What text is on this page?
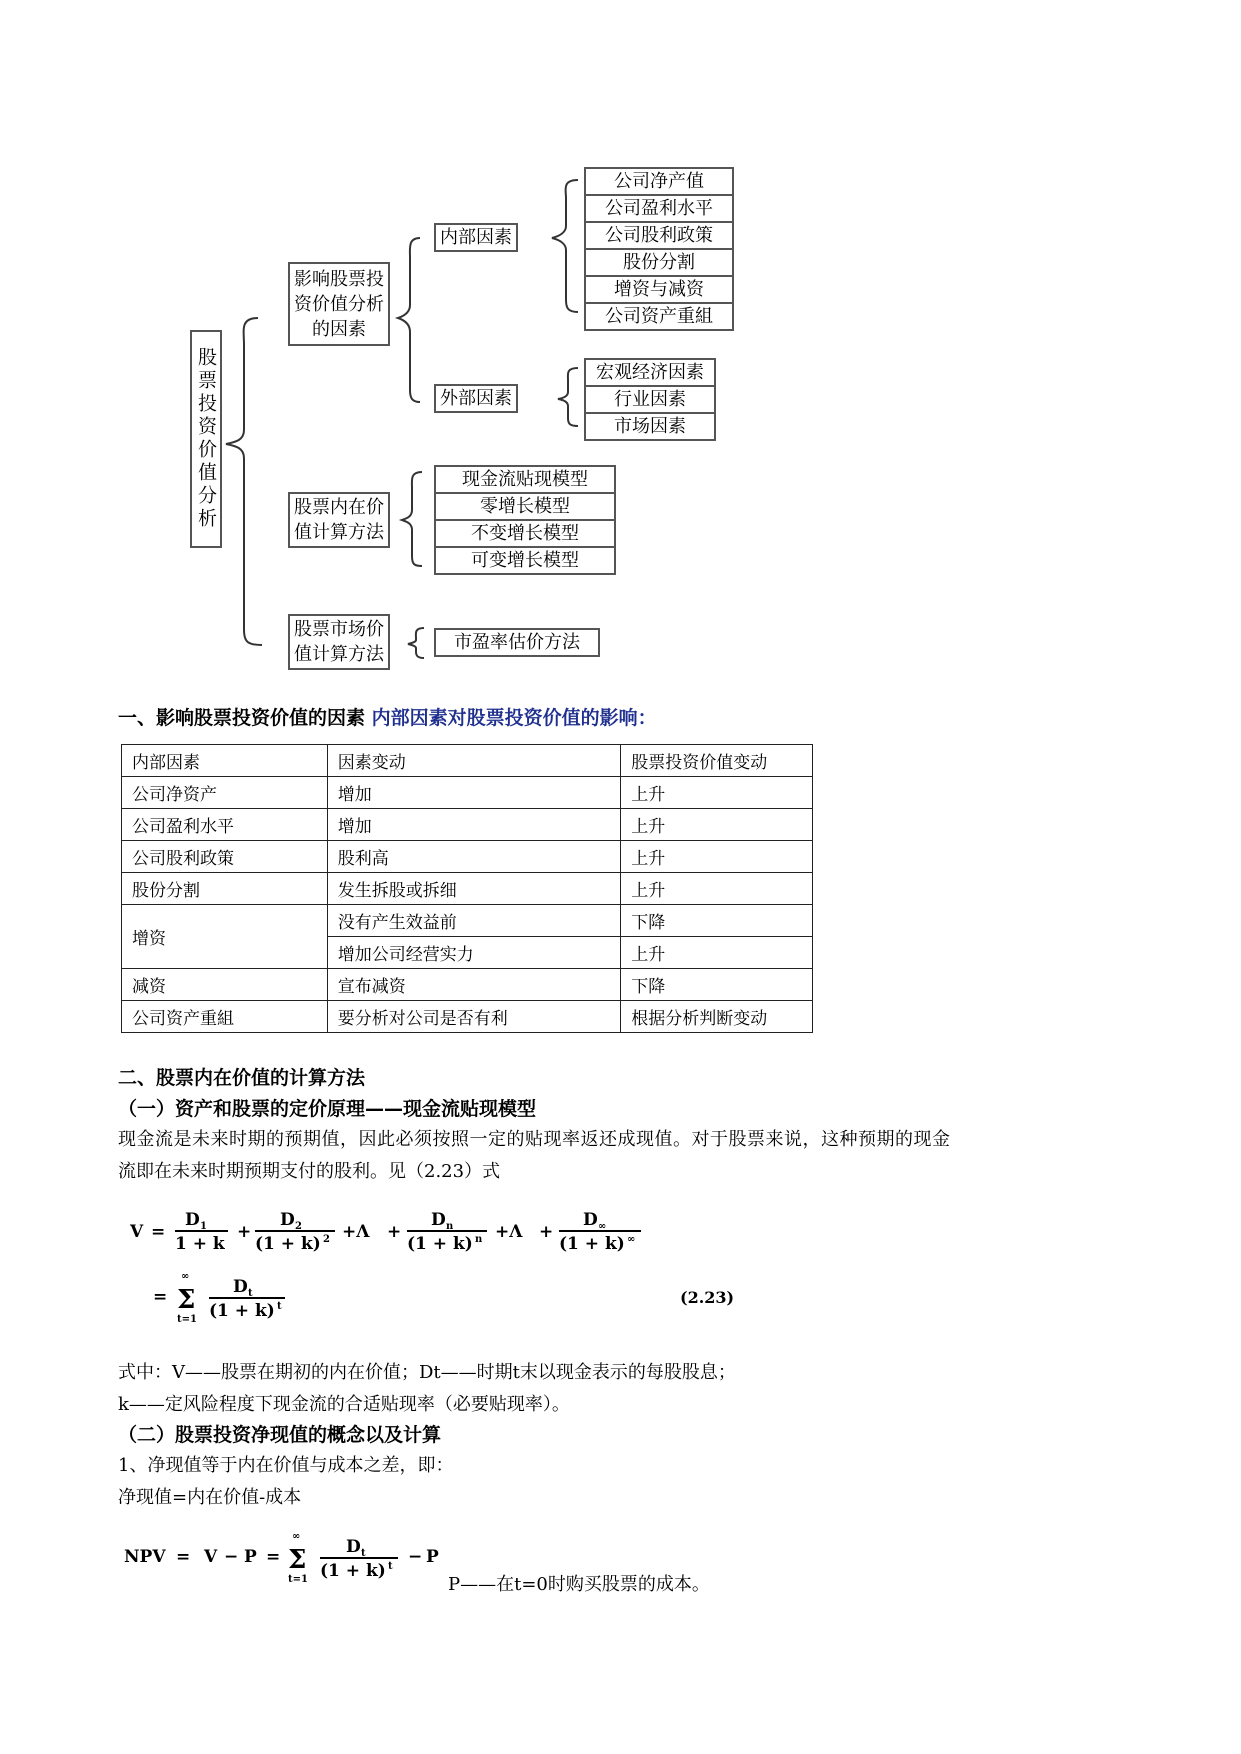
股票投资价值分析
影响股票投资价值分析的因素
股票内在价值计算方法
股票市场价值计算方法
内部因素
外部因素
公司净产值
公司盈利水平
公司股利政策
股份分割
增资与减资
公司资产重組
宏观经济因素
行业因素
市场因素
现金流贴现模型
零增长模型
不变增长模型
可变增长模型
市盈率估价方法
一、影响股票投资价值的因素 内部因素对股票投资价值的影响：
内部因素	因素变动	股票投资价值变动
公司净资产	增加	上升
公司盈利水平	增加	上升
公司股利政策	股利高	上升
股份分割	发生拆股或拆细	上升
增资	没有产生效益前	下降
	增加公司经营实力	上升
减资	宣布减资	下降
公司资产重組	要分析对公司是否有利	根据分析判断变动
二、股票内在价值的计算方法
（一）资产和股票的定价原理——现金流贴现模型
现金流是未来时期的预期值，因此必须按照一定的贴现率返还成现值。对于股票来说，这种预期的现金
流即在未来时期预期支付的股利。见（2.23）式
V =
D 1
1 + k
+
D 2
(1 + k) 2 +Λ +
D n
(1 + k) n +Λ +
D ∞
(1 + k) ∞
= Σ
∞
t=1
D t
(1 + k) t	(2.23)
式中：V——股票在期初的内在价值；Dt——时期t末以现金表示的每股股息；
k——定风险程度下现金流的合适贴现率（必要贴现率）。
（二）股票投资净现值的概念以及计算
1、净现值等于内在价值与成本之差，即：
净现值=内在价值-成本
NPV = V − P = Σ
∞
t=1
D t
(1 + k) t − P
P——在t=0时购买股票的成本。
